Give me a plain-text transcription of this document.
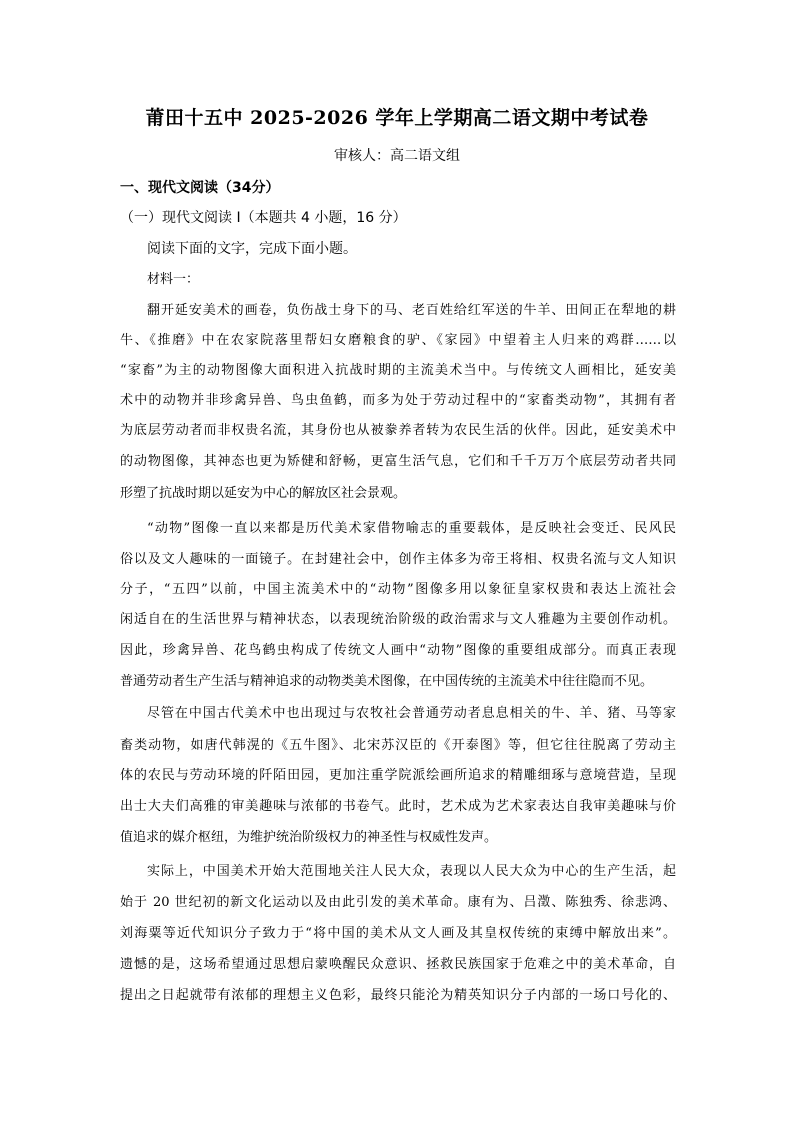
莆田十五中 2025-2026 学年上学期高二语文期中考试卷
审核人：高二语文组
一、现代文阅读（34分）
（一）现代文阅读 I（本题共 4 小题，16 分）
阅读下面的文字，完成下面小题。
材料一：
翻开延安美术的画卷，负伤战士身下的马、老百姓给红军送的牛羊、田间正在犁地的耕
牛、《推磨》中在农家院落里帮妇女磨粮食的驴、《家园》中望着主人归来的鸡群……以
“家畜”为主的动物图像大面积进入抗战时期的主流美术当中。与传统文人画相比，延安美
术中的动物并非珍禽异兽、鸟虫鱼鹤，而多为处于劳动过程中的“家畜类动物”，其拥有者
为底层劳动者而非权贵名流，其身份也从被豢养者转为农民生活的伙伴。因此，延安美术中
的动物图像，其神态也更为矫健和舒畅，更富生活气息，它们和千千万万个底层劳动者共同
形塑了抗战时期以延安为中心的解放区社会景观。
“动物”图像一直以来都是历代美术家借物喻志的重要载体，是反映社会变迁、民风民
俗以及文人趣味的一面镜子。在封建社会中，创作主体多为帝王将相、权贵名流与文人知识
分子，“五四”以前，中国主流美术中的“动物”图像多用以象征皇家权贵和表达上流社会
闲适自在的生活世界与精神状态，以表现统治阶级的政治需求与文人雅趣为主要创作动机。
因此，珍禽异兽、花鸟鹤虫构成了传统文人画中“动物”图像的重要组成部分。而真正表现
普通劳动者生产生活与精神追求的动物类美术图像，在中国传统的主流美术中往往隐而不见。
尽管在中国古代美术中也出现过与农牧社会普通劳动者息息相关的牛、羊、猪、马等家
畜类动物，如唐代韩滉的《五牛图》、北宋苏汉臣的《开泰图》等，但它往往脱离了劳动主
体的农民与劳动环境的阡陌田园，更加注重学院派绘画所追求的精雕细琢与意境营造，呈现
出士大夫们高雅的审美趣味与浓郁的书卷气。此时，艺术成为艺术家表达自我审美趣味与价
值追求的媒介枢纽，为维护统治阶级权力的神圣性与权威性发声。
实际上，中国美术开始大范围地关注人民大众，表现以人民大众为中心的生产生活，起
始于 20 世纪初的新文化运动以及由此引发的美术革命。康有为、吕澂、陈独秀、徐悲鸿、
刘海粟等近代知识分子致力于“将中国的美术从文人画及其皇权传统的束缚中解放出来”。
遗憾的是，这场希望通过思想启蒙唤醒民众意识、拯救民族国家于危难之中的美术革命，自
提出之日起就带有浓郁的理想主义色彩，最终只能沦为精英知识分子内部的一场口号化的、
